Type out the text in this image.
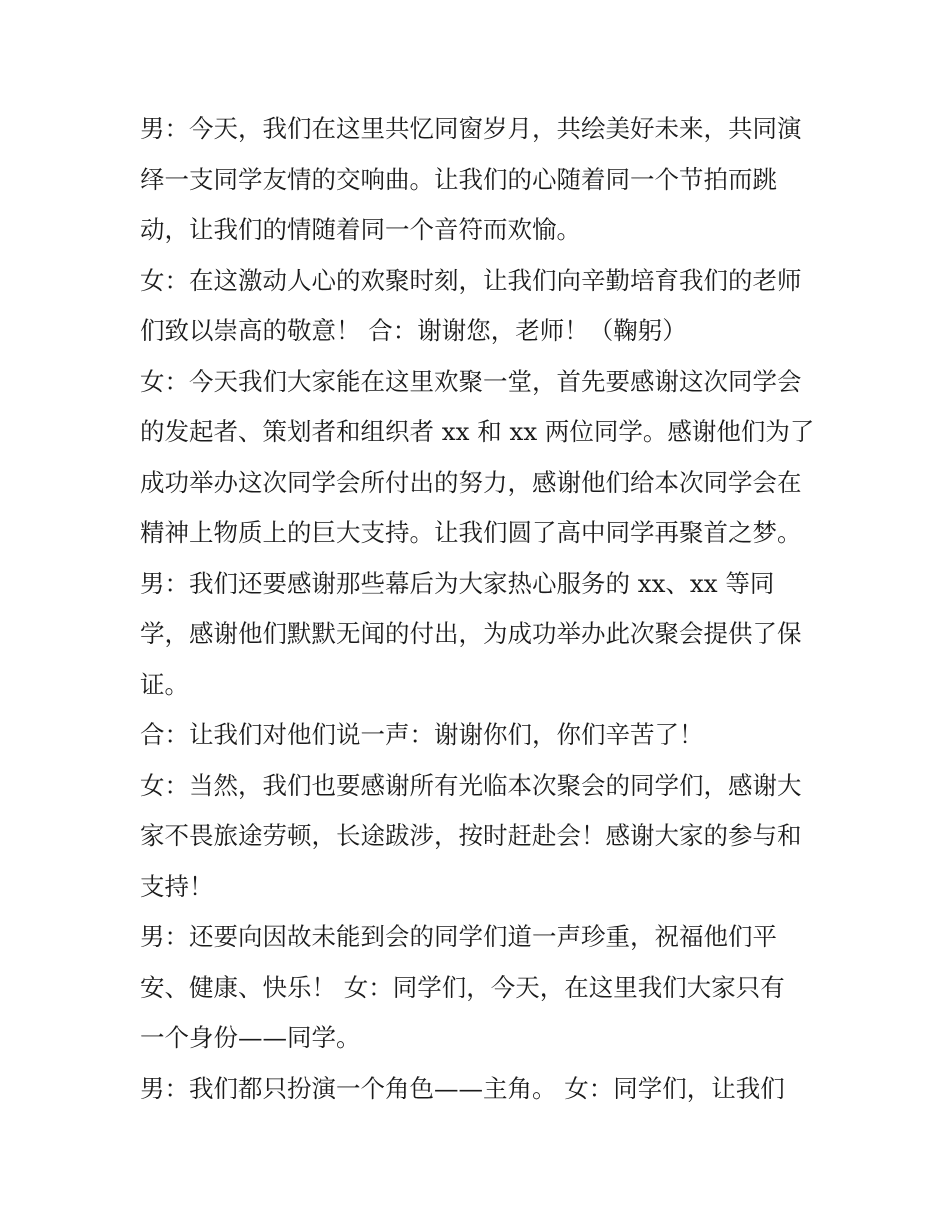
男：今天，我们在这里共忆同窗岁月，共绘美好未来，共同演
绎一支同学友情的交响曲。让我们的心随着同一个节拍而跳
动，让我们的情随着同一个音符而欢愉。
女：在这激动人心的欢聚时刻，让我们向辛勤培育我们的老师
们致以崇高的敬意！ 合：谢谢您，老师！（鞠躬）
女：今天我们大家能在这里欢聚一堂，首先要感谢这次同学会
的发起者、策划者和组织者 xx 和 xx 两位同学。感谢他们为了
成功举办这次同学会所付出的努力，感谢他们给本次同学会在
精神上物质上的巨大支持。让我们圆了高中同学再聚首之梦。
男：我们还要感谢那些幕后为大家热心服务的 xx、xx 等同
学，感谢他们默默无闻的付出，为成功举办此次聚会提供了保
证。
合：让我们对他们说一声：谢谢你们，你们辛苦了！
女：当然，我们也要感谢所有光临本次聚会的同学们，感谢大
家不畏旅途劳顿，长途跋涉，按时赶赴会！感谢大家的参与和
支持！
男：还要向因故未能到会的同学们道一声珍重，祝福他们平
安、健康、快乐！ 女：同学们，今天，在这里我们大家只有
一个身份——同学。
男：我们都只扮演一个角色——主角。 女：同学们，让我们
